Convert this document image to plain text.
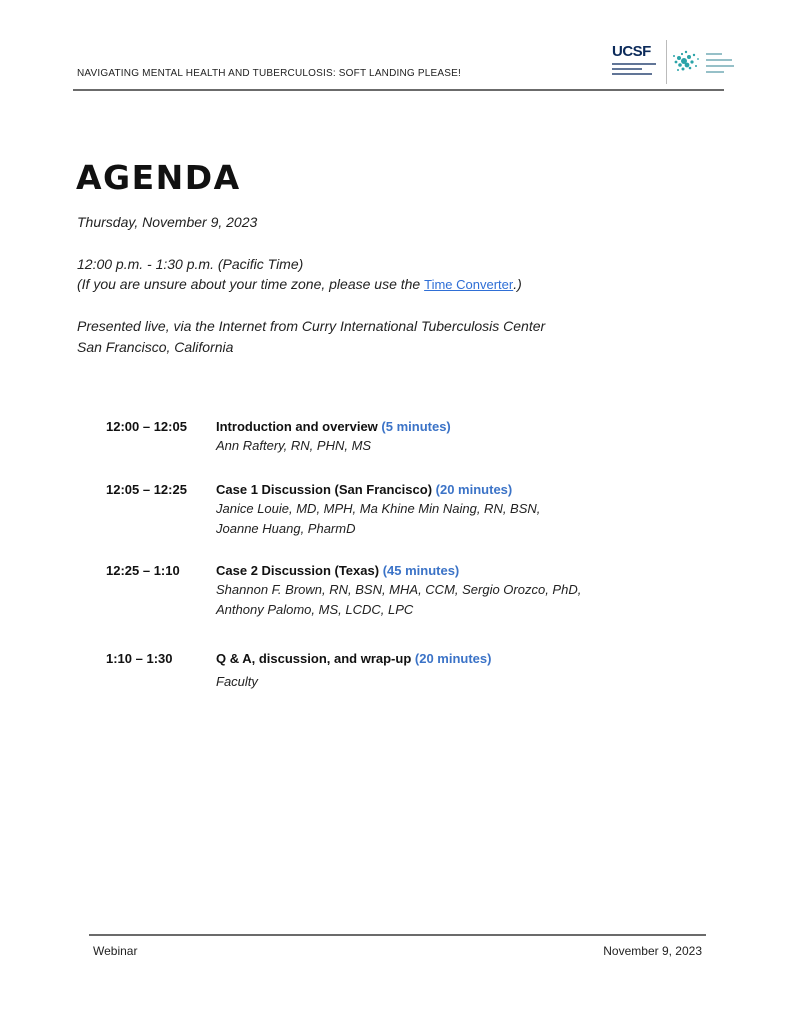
NAVIGATING MENTAL HEALTH AND TUBERCULOSIS: SOFT LANDING PLEASE!
UCSF
AGENDA
Thursday, November 9, 2023
12:00 p.m. - 1:30 p.m. (Pacific Time)
(If you are unsure about your time zone, please use the Time Converter.)
Presented live, via the Internet from Curry International Tuberculosis Center
San Francisco, California
12:00 – 12:05 Introduction and overview (5 minutes)
Ann Raftery, RN, PHN, MS
12:05 – 12:25 Case 1 Discussion (San Francisco) (20 minutes)
Janice Louie, MD, MPH, Ma Khine Min Naing, RN, BSN,
Joanne Huang, PharmD
12:25 – 1:10	Case 2 Discussion (Texas) (45 minutes)
Shannon F. Brown, RN, BSN, MHA, CCM, Sergio Orozco, PhD,
Anthony Palomo, MS, LCDC, LPC
1:10 – 1:30	Q & A, discussion, and wrap-up (20 minutes)
Faculty
Webinar	November 9, 2023
